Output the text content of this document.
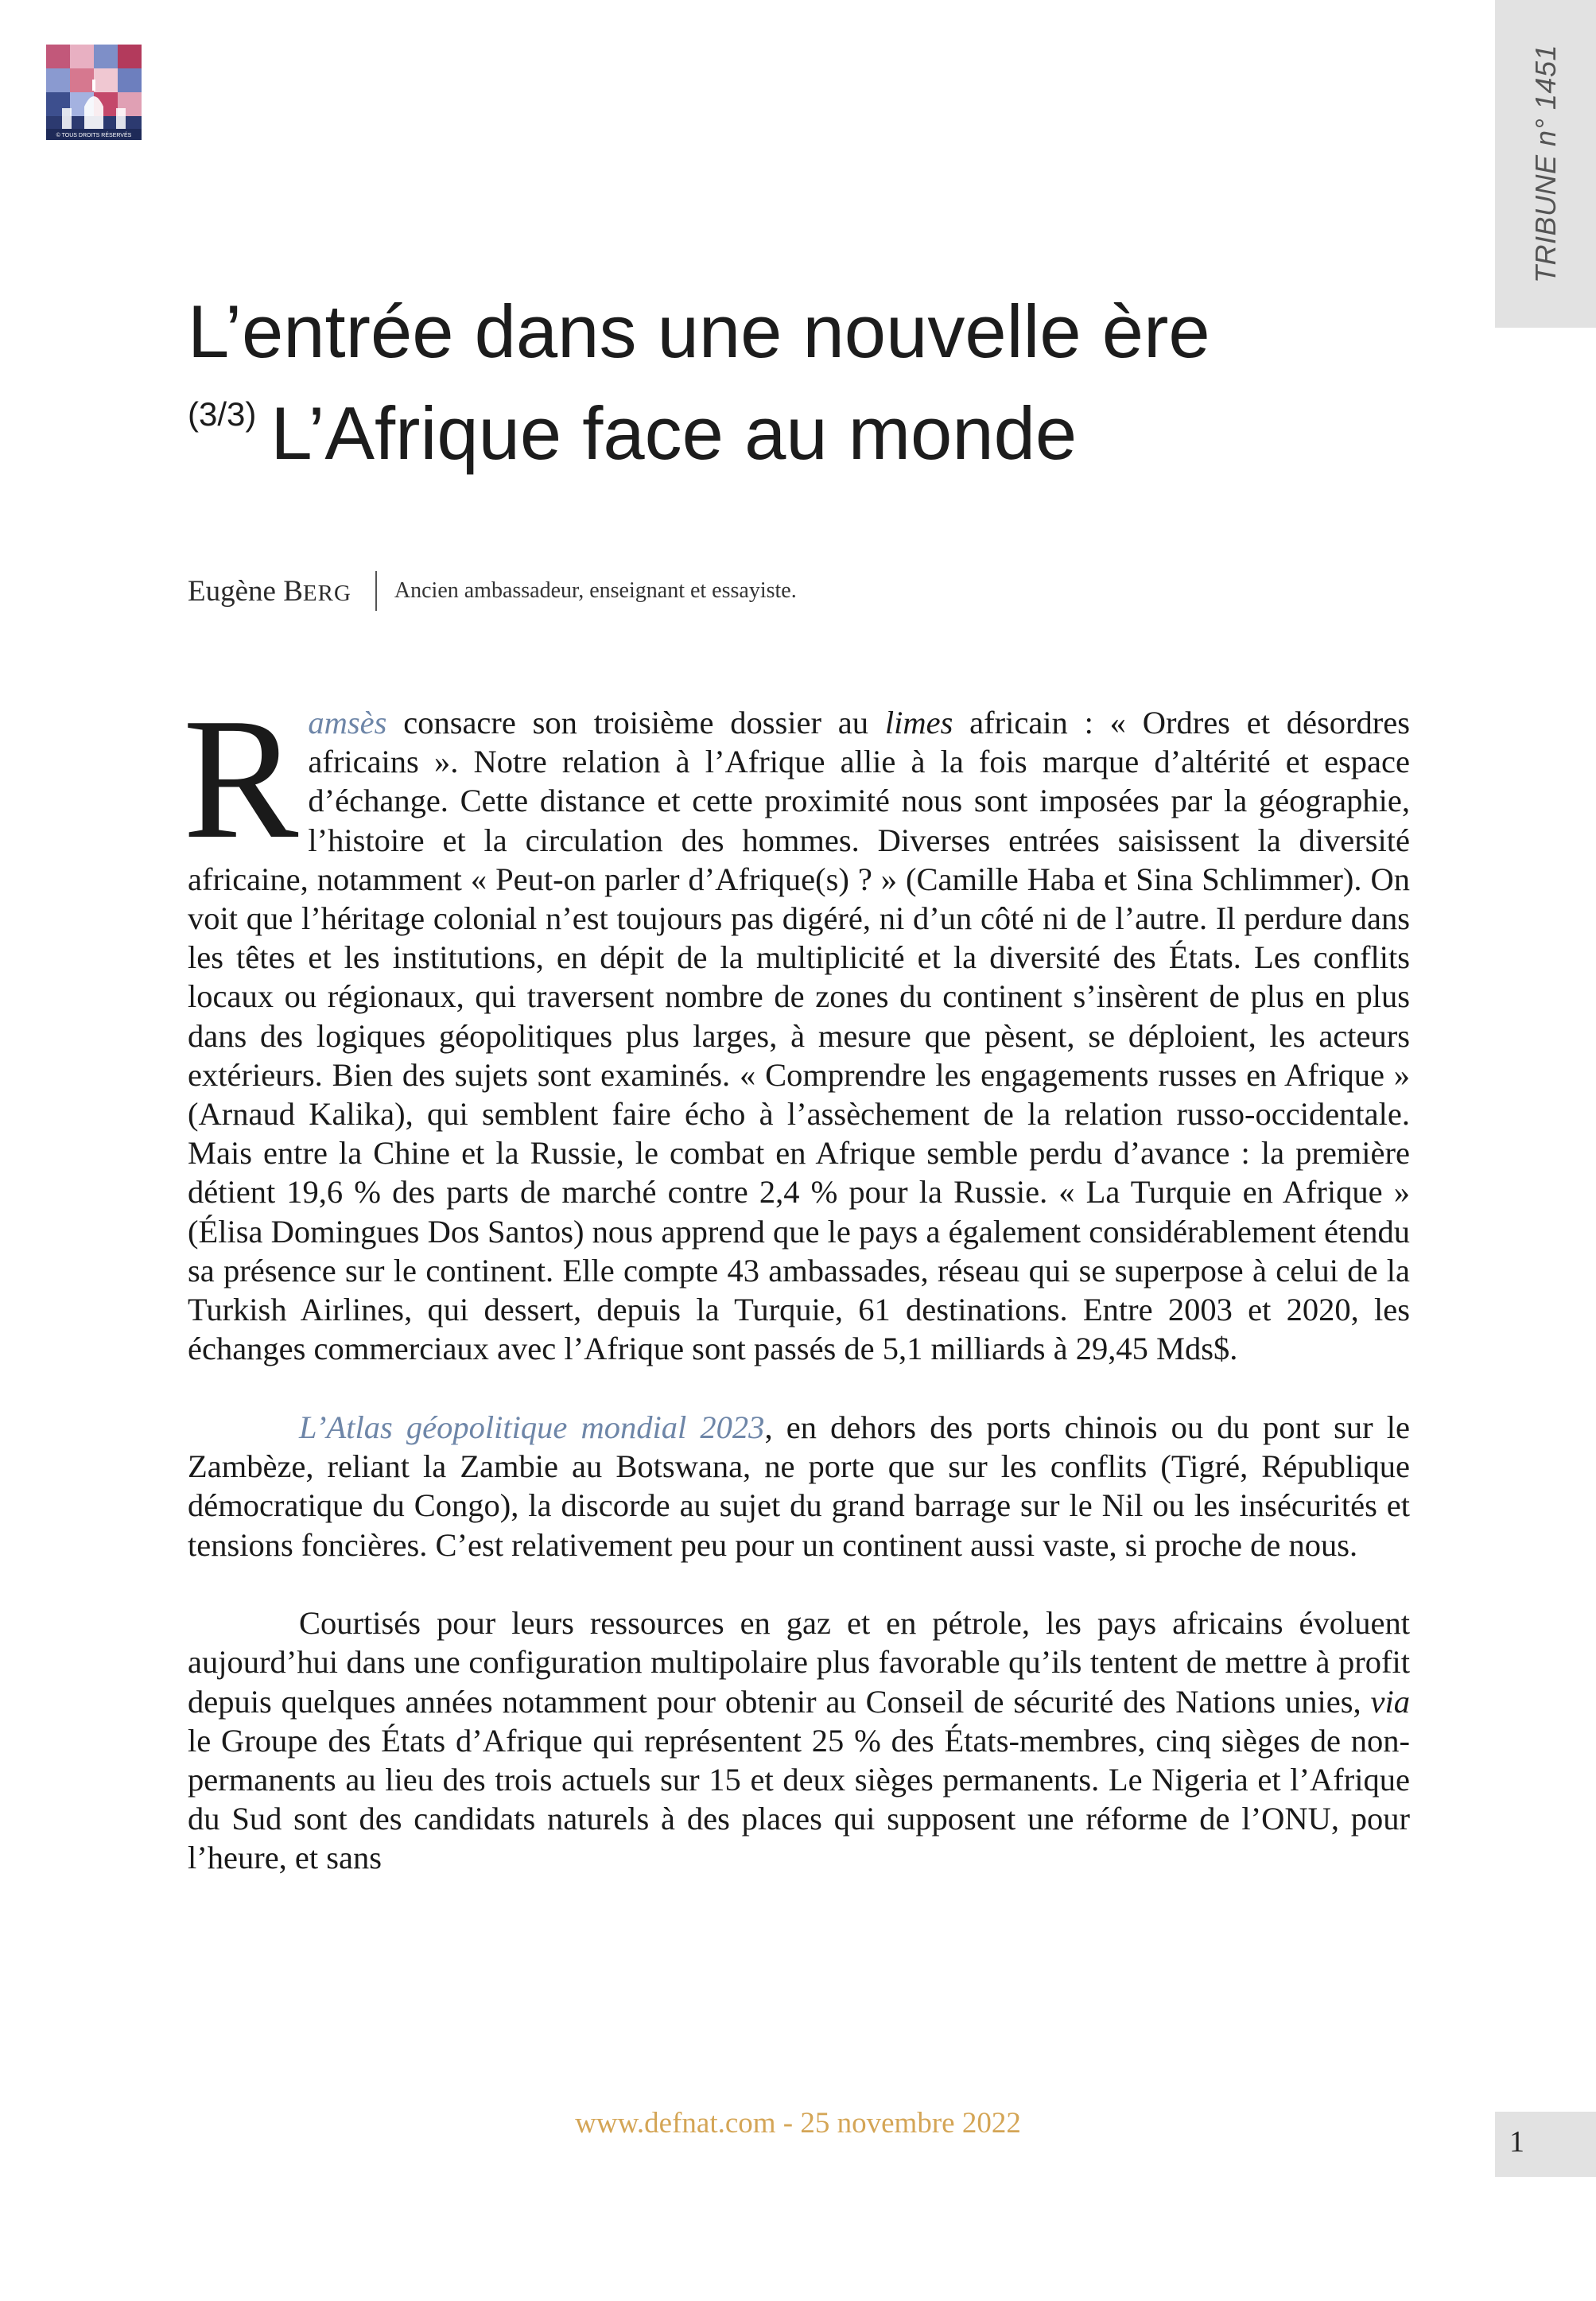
© TOUS DROITS RÉSERVÉS	TRIBUNE n° 1451
L’entrée dans une nouvelle ère
$^{(3/3)}$ L’Afrique face au monde
Eugène BERG Ancien ambassadeur, enseignant et essayiste.

Ramsès consacre son troisième dossier au limes africain : « Ordres et désordres africains ». Notre relation à l’Afrique allie à la fois marque d’altérité et espace d’échange. Cette distance et cette proximité nous sont imposées par la géographie, l’histoire et la circulation des hommes. Diverses entrées saisissent la diversité africaine, notamment « Peut-on parler d’Afrique(s) ? » (Camille Haba et Sina Schlimmer). On voit que l’héritage colonial n’est toujours pas digéré, ni d’un côté ni de l’autre. Il perdure dans les têtes et les institutions, en dépit de la multiplicité et la diversité des États. Les conflits locaux ou régionaux, qui traversent nombre de zones du continent s’insèrent de plus en plus dans des logiques géopolitiques plus larges, à mesure que pèsent, se déploient, les acteurs extérieurs. Bien des sujets sont examinés. « Comprendre les engagements russes en Afrique » (Arnaud Kalika), qui semblent faire écho à l’assèchement de la relation russo-occidentale. Mais entre la Chine et la Russie, le combat en Afrique semble perdu d’avance : la première détient 19,6 % des parts de marché contre 2,4 % pour la Russie. « La Turquie en Afrique » (Élisa Domingues Dos Santos) nous apprend que le pays a également considérablement étendu sa présence sur le continent. Elle compte 43 ambassades, réseau qui se superpose à celui de la Turkish Airlines, qui dessert, depuis la Turquie, 61 destinations. Entre 2003 et 2020, les échanges commerciaux avec l’Afrique sont passés de 5,1 milliards à 29,45 Mds$.

L’Atlas géopolitique mondial 2023, en dehors des ports chinois ou du pont sur le Zambèze, reliant la Zambie au Botswana, ne porte que sur les conflits (Tigré, République démocratique du Congo), la discorde au sujet du grand barrage sur le Nil ou les insécurités et tensions foncières. C’est relativement peu pour un continent aussi vaste, si proche de nous.

Courtisés pour leurs ressources en gaz et en pétrole, les pays africains évoluent aujourd’hui dans une configuration multipolaire plus favorable qu’ils tentent de mettre à profit depuis quelques années notamment pour obtenir au Conseil de sécurité des Nations unies, via le Groupe des États d’Afrique qui représentent 25 % des États-membres, cinq sièges de non-permanents au lieu des trois actuels sur 15 et deux sièges permanents. Le Nigeria et l’Afrique du Sud sont des candidats naturels à des places qui supposent une réforme de l’ONU, pour l’heure, et sans

www.defnat.com - 25 novembre 2022
1
